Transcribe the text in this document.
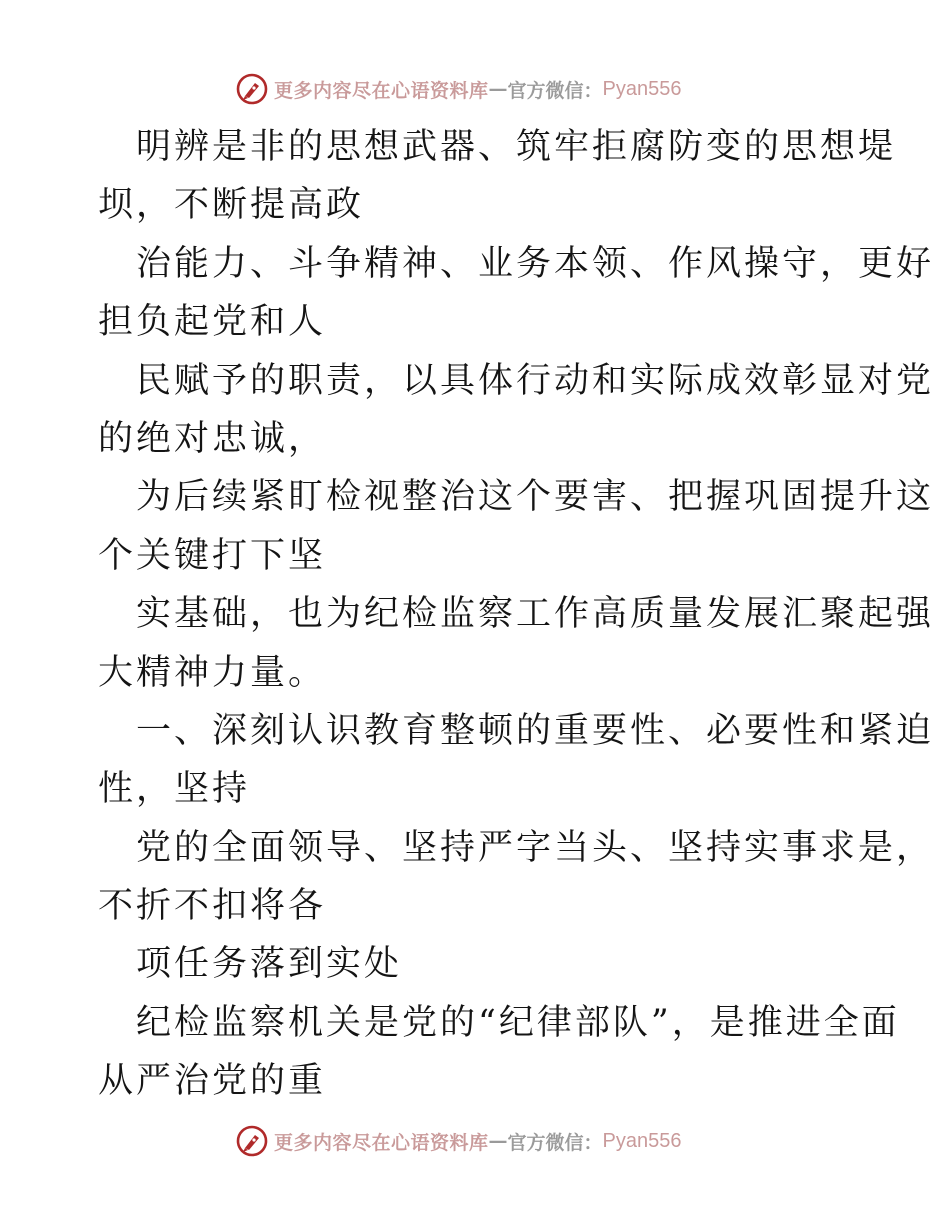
更多内容尽在心语资料库 — 官方微信： Pyan556
明辨是非的思想武器、筑牢拒腐防变的思想堤
坝，不断提高政
治能力、斗争精神、业务本领、作风操守，更好
担负起党和人
民赋予的职责，以具体行动和实际成效彰显对党
的绝对忠诚，
为后续紧盯检视整治这个要害、把握巩固提升这
个关键打下坚
实基础，也为纪检监察工作高质量发展汇聚起强
大精神力量。
一、深刻认识教育整顿的重要性、必要性和紧迫
性，坚持
党的全面领导、坚持严字当头、坚持实事求是，
不折不扣将各
项任务落到实处
纪检监察机关是党的“纪律部队”，是推进全面
从严治党的重
更多内容尽在心语资料库 — 官方微信： Pyan556
